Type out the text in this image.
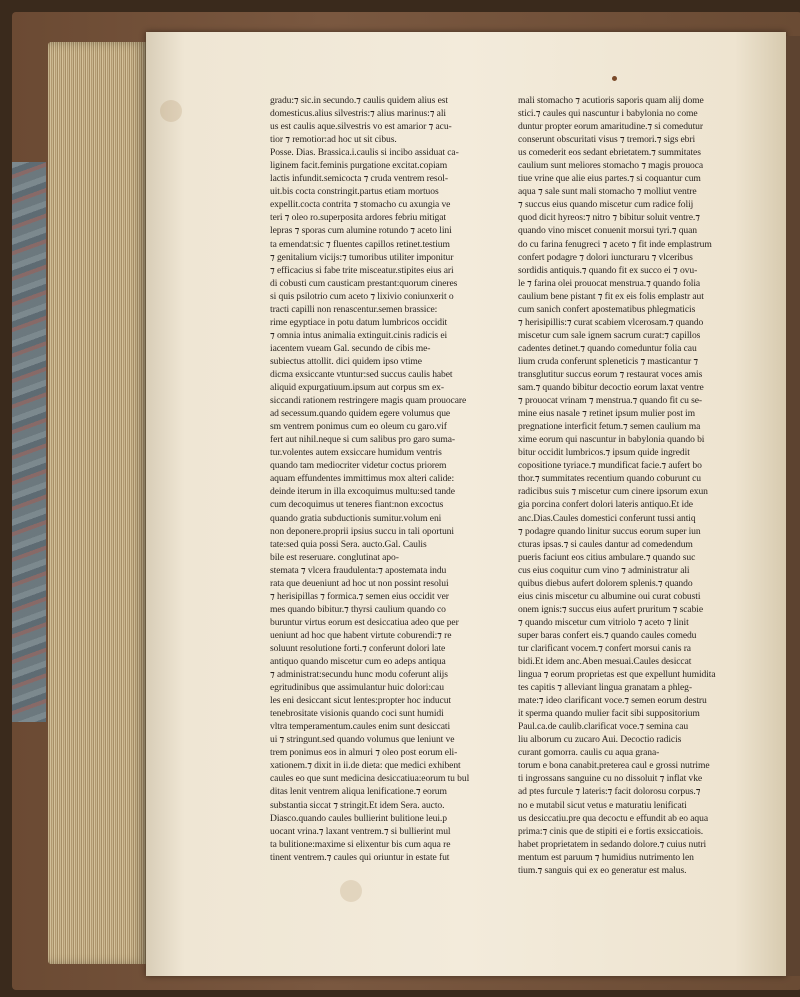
gradu:⁊ sic.in secundo.⁊ caulis quidem alius est

domesticus.alius silvestris:⁊ alius marinus:⁊ ali

us est caulis aque.silvestris vo est amarior ⁊ acu-

tior ⁊ remotior:ad hoc ut sit cibus.

Posse. Dias. Brassica.i.caulis si incibo assiduat ca-

liginem facit.feminis purgatione excitat.copiam

lactis infundit.semicocta ⁊ cruda ventrem resol-

uit.bis cocta constringit.partus etiam mortuos

expellit.cocta contrita ⁊ stomacho cu axungia ve

teri ⁊ oleo ro.superposita ardores febriu mitigat

lepras ⁊ sporas cum alumine rotundo ⁊ aceto lini

ta emendat:sic ⁊ fluentes capillos retinet.testium

⁊ genitalium vicijs:⁊ tumoribus utiliter imponitur

⁊ efficacius si fabe trite misceatur.stipites eius ari

di cobusti cum causticam prestant:quorum cineres

si quis psilotrio cum aceto ⁊ lixivio coniunxerit o

tracti capilli non renascentur.semen brassice:

rime egyptiace in potu datum lumbricos occidit

⁊ omnia intus animalia extinguit.cinis radicis ei

iacentem vueam Gal. secundo de cibis me-

subiectus attollit. dici quidem ipso vtime

dicma exsiccante vtuntur:sed succus caulis habet

aliquid expurgatiuum.ipsum aut corpus sm ex-

siccandi rationem restringere magis quam prouocare

ad secessum.quando quidem egere volumus que

sm ventrem ponimus cum eo oleum cu garo.vif

fert aut nihil.neque si cum salibus pro garo suma-

tur.volentes autem exsiccare humidum ventris

quando tam mediocriter videtur coctus priorem

aquam effundentes immittimus mox alteri calide:

deinde iterum in illa excoquimus multu:sed tande

cum decoquimus ut teneres fiant:non excoctus

quando gratia subductionis sumitur.volum eni

non deponere.proprii ipsius succu in tali oportuni

tate:sed quia possi Sera. aucto.Gal. Caulis

bile est reseruare. conglutinat apo-

stemata ⁊ vlcera fraudulenta:⁊ apostemata indu

rata que deueniunt ad hoc ut non possint resolui

⁊ herisipillas ⁊ formica.⁊ semen eius occidit ver

mes quando bibitur.⁊ thyrsi caulium quando co

buruntur virtus eorum est desiccatiua adeo que per

ueniunt ad hoc que habent virtute coburendi:⁊ re

soluunt resolutione forti.⁊ conferunt dolori late

antiquo quando miscetur cum eo adeps antiqua

⁊ administrat:secundu hunc modu coferunt alijs

egritudinibus que assimulantur huic dolori:cau

les eni desiccant sicut lentes:propter hoc inducut

tenebrositate visionis quando coci sunt humidi

vltra temperamentum.caules enim sunt desiccati

ui ⁊ stringunt.sed quando volumus que leniunt ve

trem ponimus eos in almuri ⁊ oleo post eorum eli-

xationem.⁊ dixit in ii.de dieta: que medici exhibent

caules eo que sunt medicina desiccatiua:eorum tu bul

ditas lenit ventrem aliqua lenificatione.⁊ eorum

substantia siccat ⁊ stringit.Et idem Sera. aucto.

Diasco.quando caules bullierint bulitione leui.p

uocant vrina.⁊ laxant ventrem.⁊ si bullierint mul

ta bulitione:maxime si elixentur bis cum aqua re

tinent ventrem.⁊ caules qui oriuntur in estate fut

mali stomacho ⁊ acutioris saporis quam alij dome

stici.⁊ caules qui nascuntur i babylonia no come

duntur propter eorum amaritudine.⁊ si comedutur

conserunt obscuritati visus ⁊ tremori.⁊ sigs ebri

us comederit eos sedant ebrietatem.⁊ summitates

caulium sunt meliores stomacho ⁊ magis prouoca

tiue vrine que alie eius partes.⁊ si coquantur cum

aqua ⁊ sale sunt mali stomacho ⁊ molliut ventre

⁊ succus eius quando miscetur cum radice folij

quod dicit hyreos:⁊ nitro ⁊ bibitur soluit ventre.⁊

quando vino miscet conuenit morsui tyri.⁊ quan

do cu farina fenugreci ⁊ aceto ⁊ fit inde emplastrum

confert podagre ⁊ dolori iuncturaru ⁊ vlceribus

sordidis antiquis.⁊ quando fit ex succo ei ⁊ ovu-

le ⁊ farina olei prouocat menstrua.⁊ quando folia

caulium bene pistant ⁊ fit ex eis folis emplastr aut

cum sanich confert apostematibus phlegmaticis

⁊ herisipillis:⁊ curat scabiem vlcerosam.⁊ quando

miscetur cum sale ignem sacrum curat:⁊ capillos

cadentes detinet.⁊ quando comeduntur folia cau

lium cruda conferunt spleneticis ⁊ masticantur ⁊

transglutitur succus eorum ⁊ restaurat voces amis

sam.⁊ quando bibitur decoctio eorum laxat ventre

⁊ prouocat vrinam ⁊ menstrua.⁊ quando fit cu se-

mine eius nasale ⁊ retinet ipsum mulier post im

pregnatione interficit fetum.⁊ semen caulium ma

xime eorum qui nascuntur in babylonia quando bi

bitur occidit lumbricos.⁊ ipsum quide ingredit

copositione tyriace.⁊ mundificat facie.⁊ aufert bo

thor.⁊ summitates recentium quando coburunt cu

radicibus suis ⁊ miscetur cum cinere ipsorum exun

gia porcina confert dolori lateris antiquo.Et ide

anc.Dias.Caules domestici conferunt tussi antiq

⁊ podagre quando linitur succus eorum super iun

cturas ipsas.⁊ si caules dantur ad comedendum

pueris faciunt eos citius ambulare.⁊ quando suc

cus eius coquitur cum vino ⁊ administratur ali

quibus diebus aufert dolorem splenis.⁊ quando

eius cinis miscetur cu albumine oui curat cobusti

onem ignis:⁊ succus eius aufert pruritum ⁊ scabie

⁊ quando miscetur cum vitriolo ⁊ aceto ⁊ linit

super baras confert eis.⁊ quando caules comedu

tur clarificant vocem.⁊ confert morsui canis ra

bidi.Et idem anc.Aben mesuai.Caules desiccat

lingua ⁊ eorum proprietas est que expellunt humidita

tes capitis ⁊ alleviant lingua granatam a phleg-

mate:⁊ ideo clarificant voce.⁊ semen eorum destru

it sperma quando mulier facit sibi suppositorium

Paul.ca.de caulib.clarificat voce.⁊ semina cau

liu alborum cu zucaro Aui. Decoctio radicis

curant gomorra. caulis cu aqua grana-

torum e bona canabit.preterea caul e grossi nutrime

ti ingrossans sanguine cu no dissoluit ⁊ inflat vke

ad ptes furcule ⁊ lateris:⁊ facit dolorosu corpus.⁊

no e mutabil sicut vetus e maturatiu lenificati

us desiccatiu.pre qua decoctu e effundit ab eo aqua

prima:⁊ cinis que de stipiti ei e fortis exsiccatiois.

habet proprietatem in sedando dolore.⁊ cuius nutri

mentum est paruum ⁊ humidius nutrimento len

tium.⁊ sanguis qui ex eo generatur est malus.
